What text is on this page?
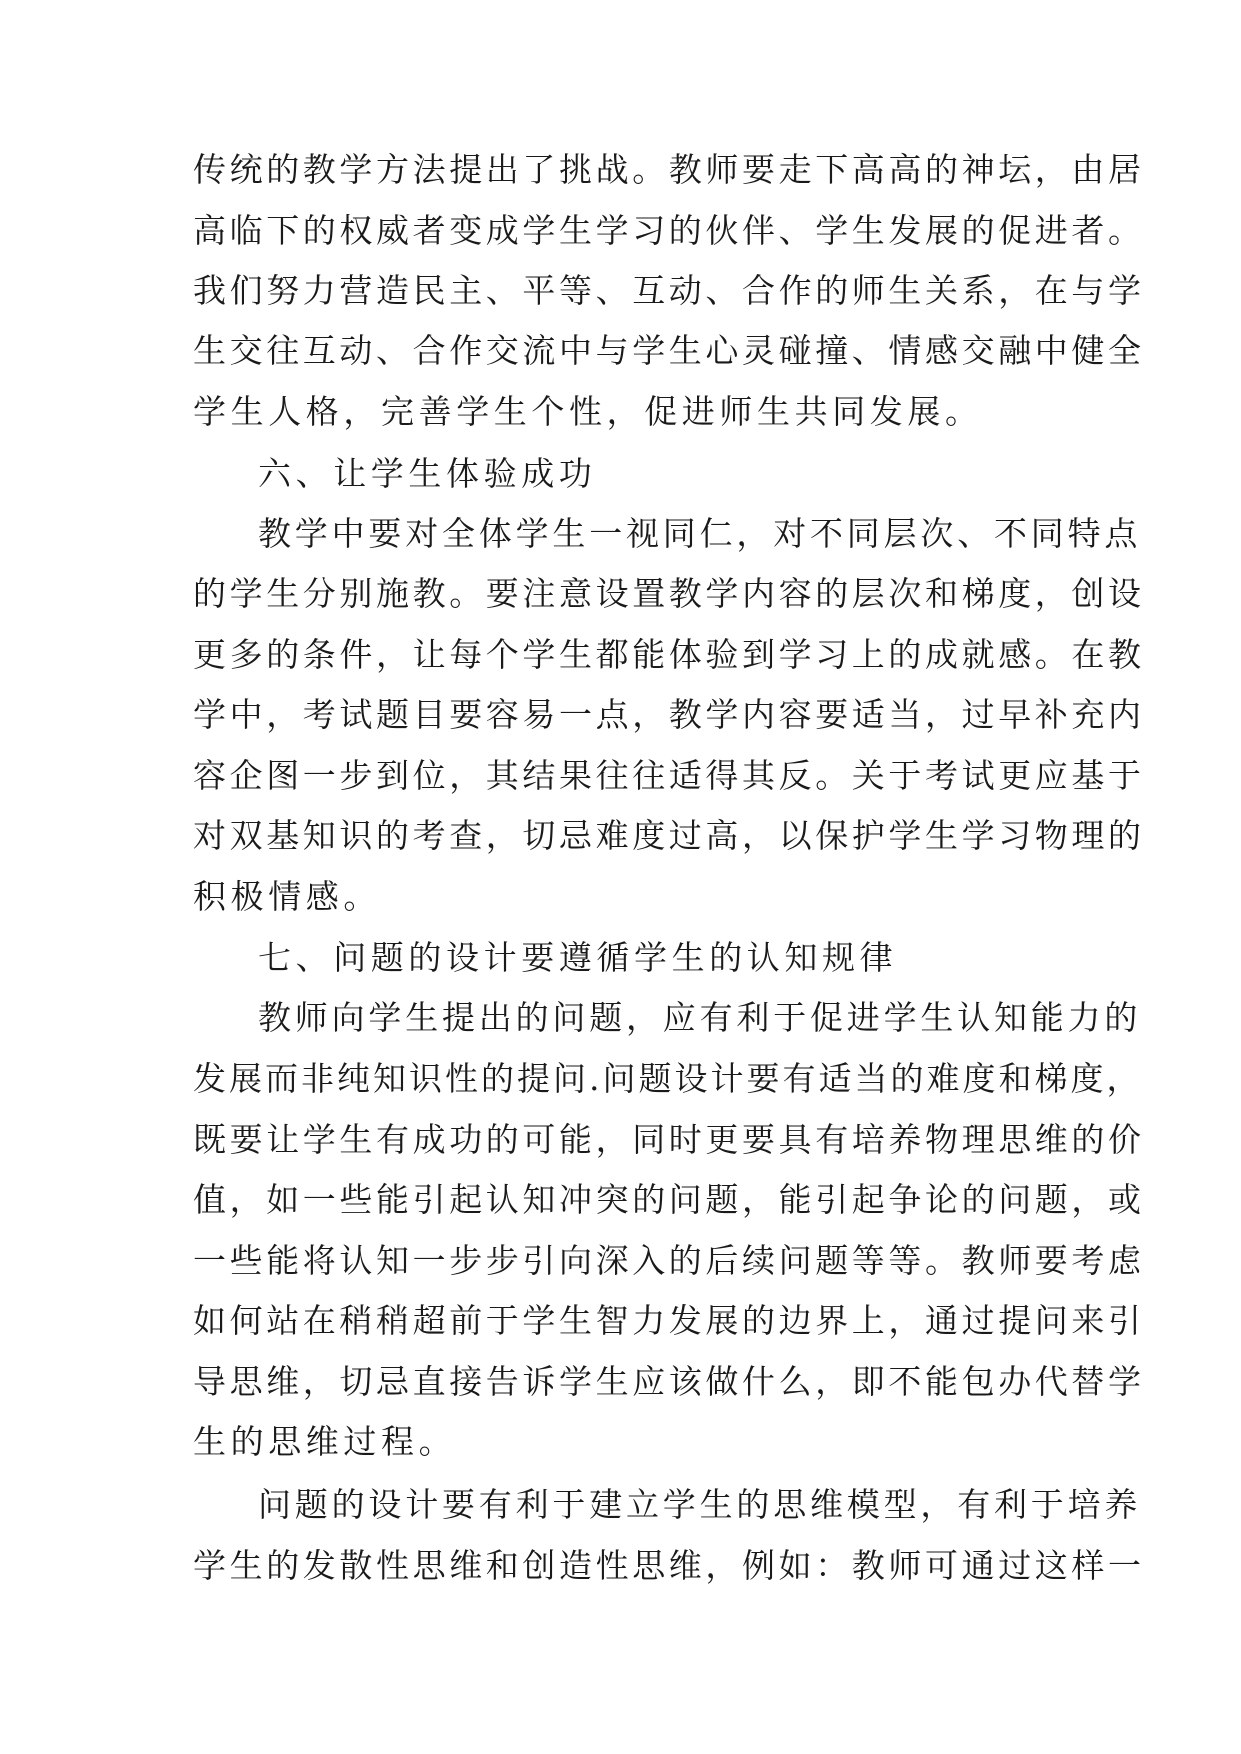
传统的教学方法提出了挑战。教师要走下高高的神坛，由居
高临下的权威者变成学生学习的伙伴、学生发展的促进者。
我们努力营造民主、平等、互动、合作的师生关系，在与学
生交往互动、合作交流中与学生心灵碰撞、情感交融中健全
学生人格，完善学生个性，促进师生共同发展。
六、让学生体验成功
教学中要对全体学生一视同仁，对不同层次、不同特点
的学生分别施教。要注意设置教学内容的层次和梯度，创设
更多的条件，让每个学生都能体验到学习上的成就感。在教
学中，考试题目要容易一点，教学内容要适当，过早补充内
容企图一步到位，其结果往往适得其反。关于考试更应基于
对双基知识的考查，切忌难度过高，以保护学生学习物理的
积极情感。
七、问题的设计要遵循学生的认知规律
教师向学生提出的问题，应有利于促进学生认知能力的
发展而非纯知识性的提问.问题设计要有适当的难度和梯度，
既要让学生有成功的可能，同时更要具有培养物理思维的价
值，如一些能引起认知冲突的问题，能引起争论的问题，或
一些能将认知一步步引向深入的后续问题等等。教师要考虑
如何站在稍稍超前于学生智力发展的边界上，通过提问来引
导思维，切忌直接告诉学生应该做什么，即不能包办代替学
生的思维过程。
问题的设计要有利于建立学生的思维模型，有利于培养
学生的发散性思维和创造性思维，例如：教师可通过这样一
